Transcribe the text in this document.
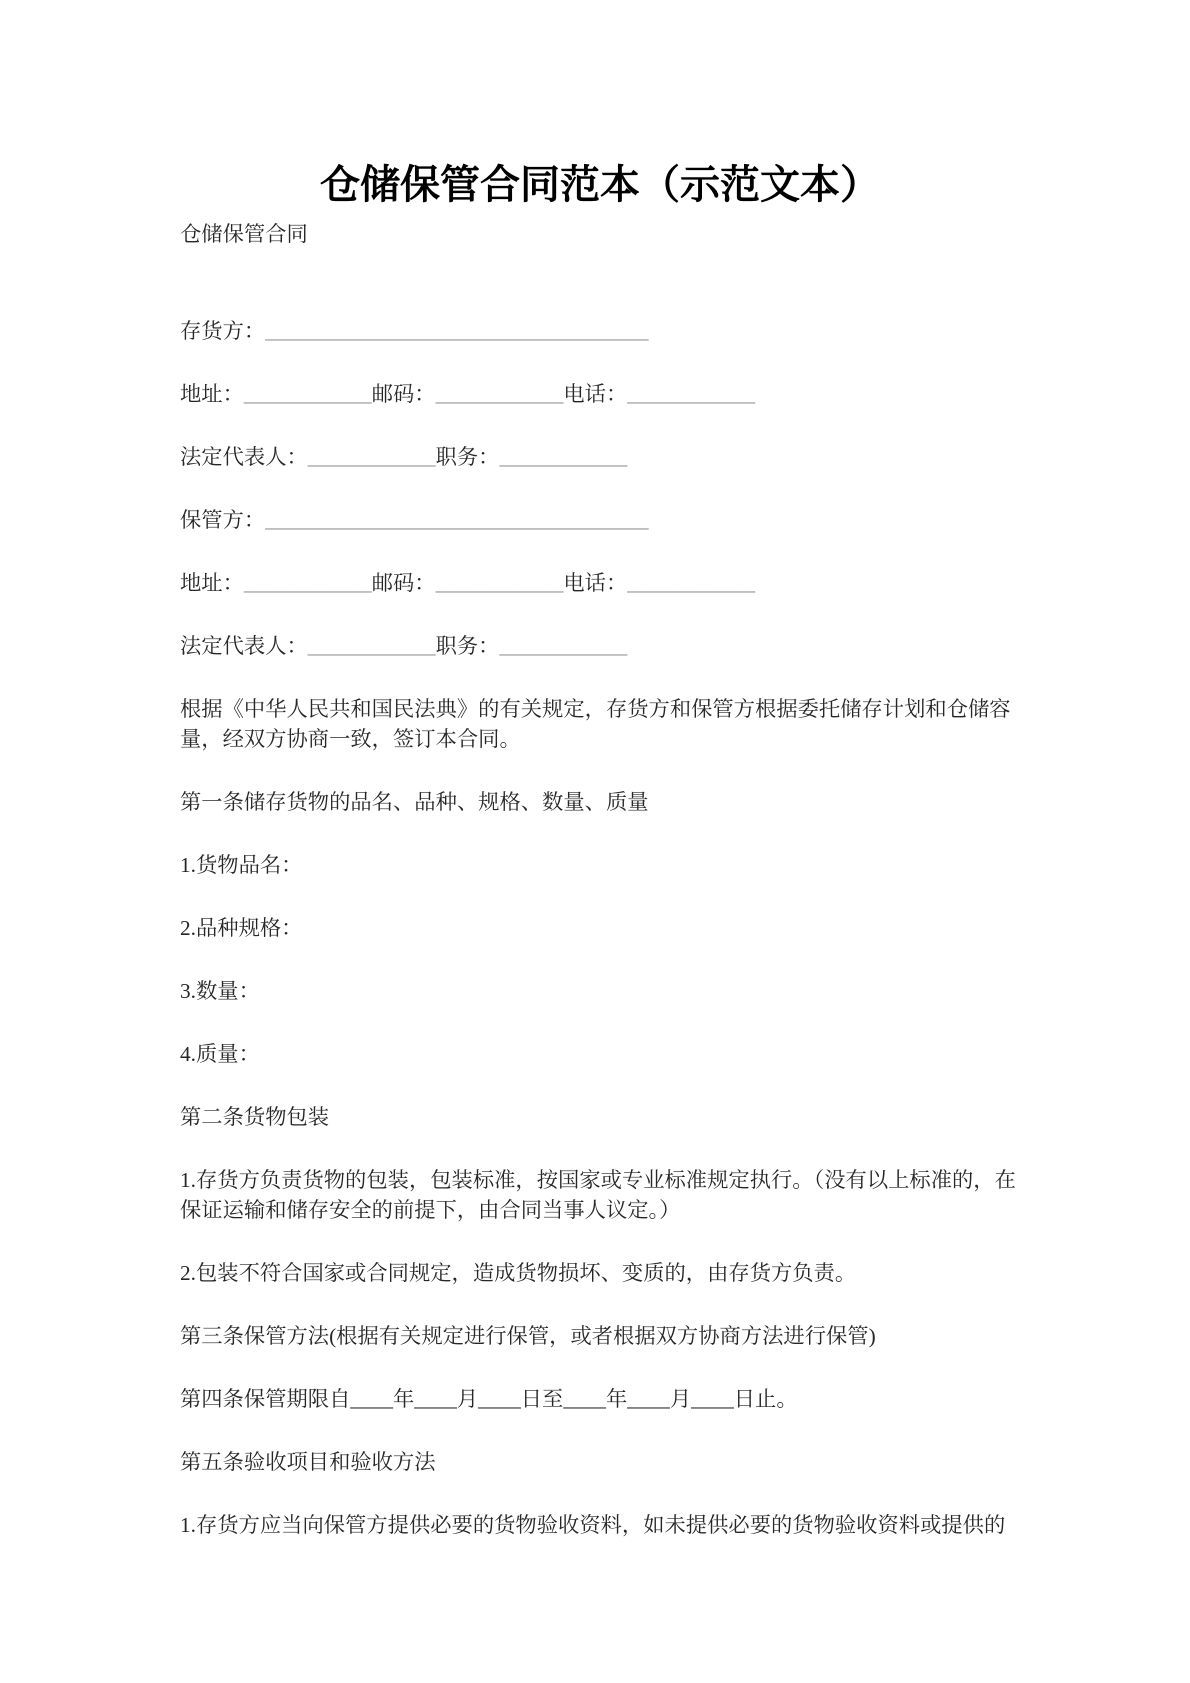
仓储保管合同范本（示范文本）

仓储保管合同

存货方：____________________________________

地址：____________邮码：____________电话：____________

法定代表人：____________职务：____________

保管方：____________________________________

地址：____________邮码：____________电话：____________

法定代表人：____________职务：____________

根据《中华人民共和国民法典》的有关规定，存货方和保管方根据委托储存计划和仓储容量，经双方协商一致，签订本合同。

第一条储存货物的品名、品种、规格、数量、质量

1.货物品名：

2.品种规格：

3.数量：

4.质量：

第二条货物包装

1.存货方负责货物的包装，包装标准，按国家或专业标准规定执行。（没有以上标准的，在保证运输和储存安全的前提下，由合同当事人议定。）

2.包装不符合国家或合同规定，造成货物损坏、变质的，由存货方负责。

第三条保管方法(根据有关规定进行保管，或者根据双方协商方法进行保管)

第四条保管期限自____年____月____日至____年____月____日止。

第五条验收项目和验收方法

1.存货方应当向保管方提供必要的货物验收资料，如未提供必要的货物验收资料或提供的
